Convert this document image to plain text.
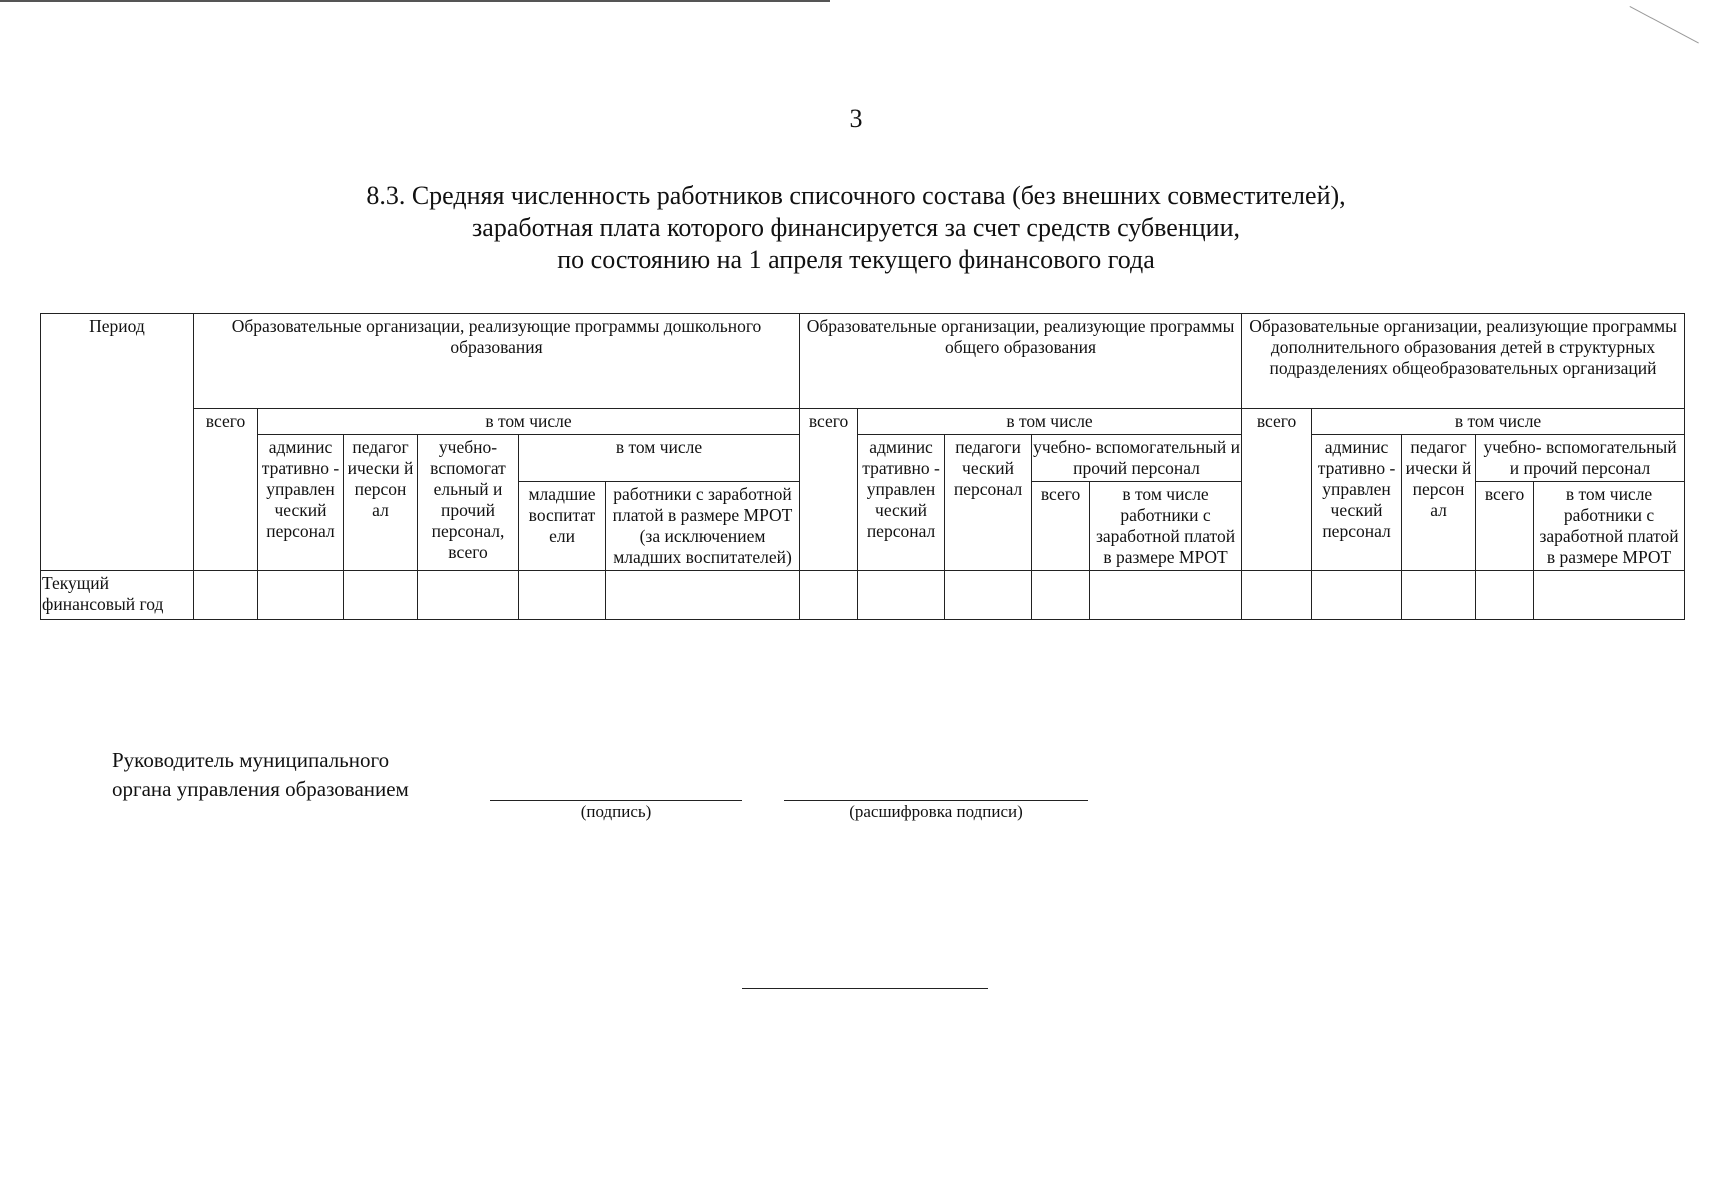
3
8.3. Средняя численность работников списочного состава (без внешних совместителей),
заработная плата которого финансируется за счет средств субвенции,
по состоянию на 1 апреля текущего финансового года
Период	Образовательные организации, реализующие программы дошкольного образования						Образовательные организации, реализующие программы общего образования					Образовательные организации, реализующие программы дополнительного образования детей в структурных подразделениях общеобразовательных организаций				
	всего	в том числе					всего	в том числе				всего	в том числе			
		админис тративно - управлен ческий персонал	педагог ически й персон ал	учебно- вспомогат ельный и прочий персонал, всего	в том числе			админис тративно - управлен ческий персонал	педагоги ческий персонал	учебно- вспомогательный и прочий персонал			админис тративно - управлен ческий персонал	педагог ически й персон ал	учебно- вспомогательный и прочий персонал	
					младшие воспитат ели	работники с заработной платой в размере МРОТ (за исключением младших воспитателей)				всего	в том числе работники с заработной платой в размере МРОТ				всего	в том числе работники с заработной платой в размере МРОТ
Текущий финансовый год																
Руководитель муниципального
органа управления образованием
(подпись)	(расшифровка подписи)
